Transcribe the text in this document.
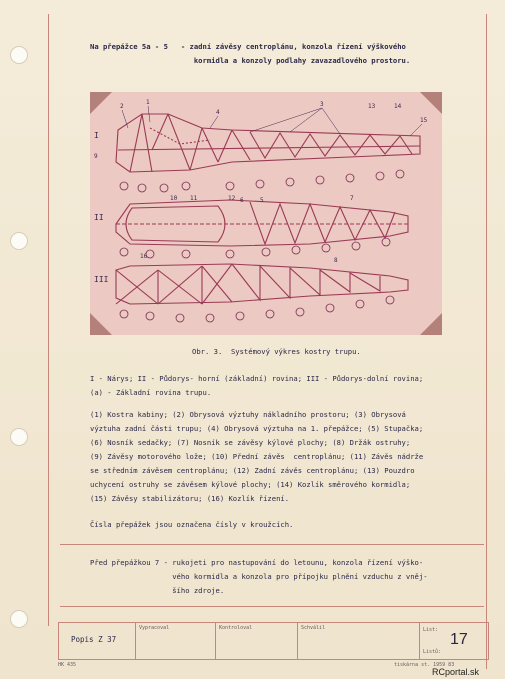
Na přepážce 5a - 5   - zadní závěsy centroplánu, konzola řízení výškového
kormidla a konzoly podlahy zavazadlového prostoru.
I
II
III
1
2	3
4
5
6	7
8
9
10 11	12
13	14
15
16
Obr. 3.  Systémový výkres kostry trupu.
I - Nárys; II - Půdorys- horní (základní) rovina; III - Půdorys-dolní rovina;
(a) - Základní rovina trupu.
(1) Kostra kabiny; (2) Obrysová výztuhy nákladního prostoru; (3) Obrysová
výztuha zadní části trupu; (4) Obrysová výztuha na 1. přepážce; (5) Stupačka;
(6) Nosník sedačky; (7) Nosník se závěsy kýlové plochy; (8) Držák ostruhy;
(9) Závěsy motorového lože; (10) Přední závěs  centroplánu; (11) Závěs nádrže
se středním závěsem centroplánu; (12) Zadní závěs centroplánu; (13) Pouzdro
uchycení ostruhy se závěsem kýlové plochy; (14) Kozlík směrového kormidla;
(15) Závěsy stabilizátoru; (16) Kozlík řízení.
Čísla přepážek jsou označena čísly v kroužcích.
Před přepážkou 7 - rukojeti pro nastupování do letounu, konzola řízení výško-
vého kormidla a konzola pro přípojku plnění vzduchu z vněj-
šího zdroje.
Popis Z 37
Vypracoval	Kontroloval	Schválil	List:
Listů:
17
HK 435	tiskárna st. 1959 83
RCportal.sk
